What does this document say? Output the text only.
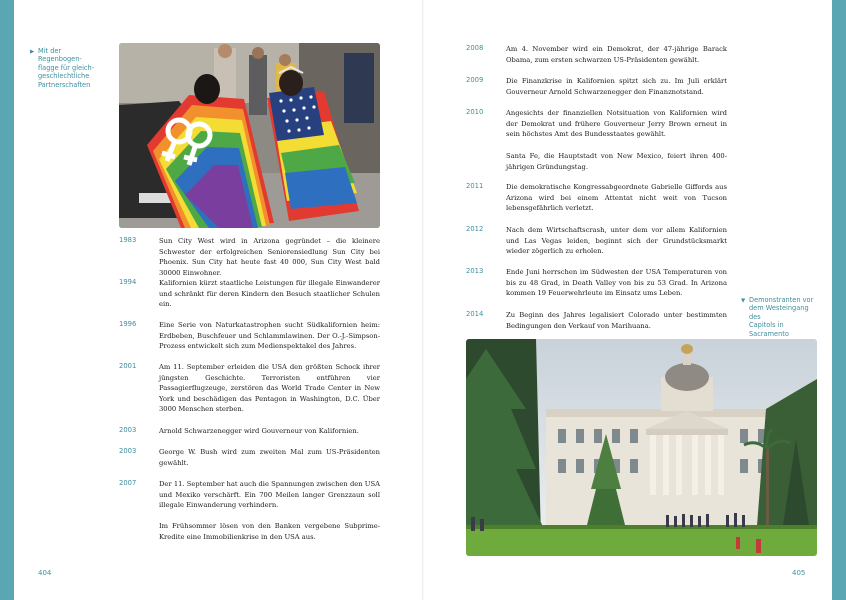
▶ Mit der Regenbogen-
flagge für gleich-
geschlechtliche
Partnerschaften
1983	Sun City West wird in Arizona gegründet – die kleinere Schwester der erfolgreichen Seniorensiedlung Sun City bei Phoenix. Sun City hat heute fast 40 000, Sun City West bald 30000 Einwohner.
1994	Kalifornien kürzt staatliche Leistungen für illegale Einwanderer und schränkt für deren Kindern den Besuch staatlicher Schulen ein.
1996	Eine Serie von Naturkatastrophen sucht Südkalifornien heim: Erdbeben, Buschfeuer und Schlammlawinen. Der O.-J.-Simpson-Prozess entwickelt sich zum Medienspektakel des Jahres.
2001	Am 11. September erleiden die USA den größten Schock ihrer jüngsten Geschichte. Terroristen entführen vier Passagierflugzeuge, zerstören das World Trade Center in New York und beschädigen das Pentagon in Washington, D.C. Über 3000 Menschen sterben.
2003	Arnold Schwarzenegger wird Gouverneur von Kalifornien.
2003	George W. Bush wird zum zweiten Mal zum US-Präsidenten gewählt.
2007	Der 11. September hat auch die Spannungen zwischen den USA und Mexiko verschärft. Ein 700 Meilen langer Grenzzaun soll illegale Einwanderung verhindern.
Im Frühsommer lösen von den Banken vergebene Subprime-Kredite eine Immobilienkrise in den USA aus.
404
2008	Am 4. November wird ein Demokrat, der 47-jährige Barack Obama, zum ersten schwarzen US-Präsidenten gewählt.
2009	Die Finanzkrise in Kalifornien spitzt sich zu. Im Juli erklärt Gouverneur Arnold Schwarzenegger den Finanznotstand.
2010	Angesichts der finanziellen Notsituation von Kalifornien wird der Demokrat und frühere Gouverneur Jerry Brown erneut in sein höchstes Amt des Bundesstaates gewählt.
Santa Fe, die Hauptstadt von New Mexico, feiert ihren 400-jährigen Gründungstag.
2011	Die demokratische Kongressabgeordnete Gabrielle Giffords aus Arizona wird bei einem Attentat nicht weit von Tucson lebensgefährlich verletzt.
2012	Nach dem Wirtschaftscrash, unter dem vor allem Kalifornien und Las Vegas leiden, beginnt sich der Grundstücksmarkt wieder zögerlich zu erholen.
2013	Ende Juni herrschen im Südwesten der USA Temperaturen von bis zu 48 Grad, in Death Valley von bis zu 53 Grad. In Arizona kommen 19 Feuerwehrleute im Einsatz ums Leben.
2014	Zu Beginn des Jahres legalisiert Colorado unter bestimmten Bedingungen den Verkauf von Marihuana.
▼ Demonstranten vor
dem Westeingang des
Capitols in Sacramento
405
